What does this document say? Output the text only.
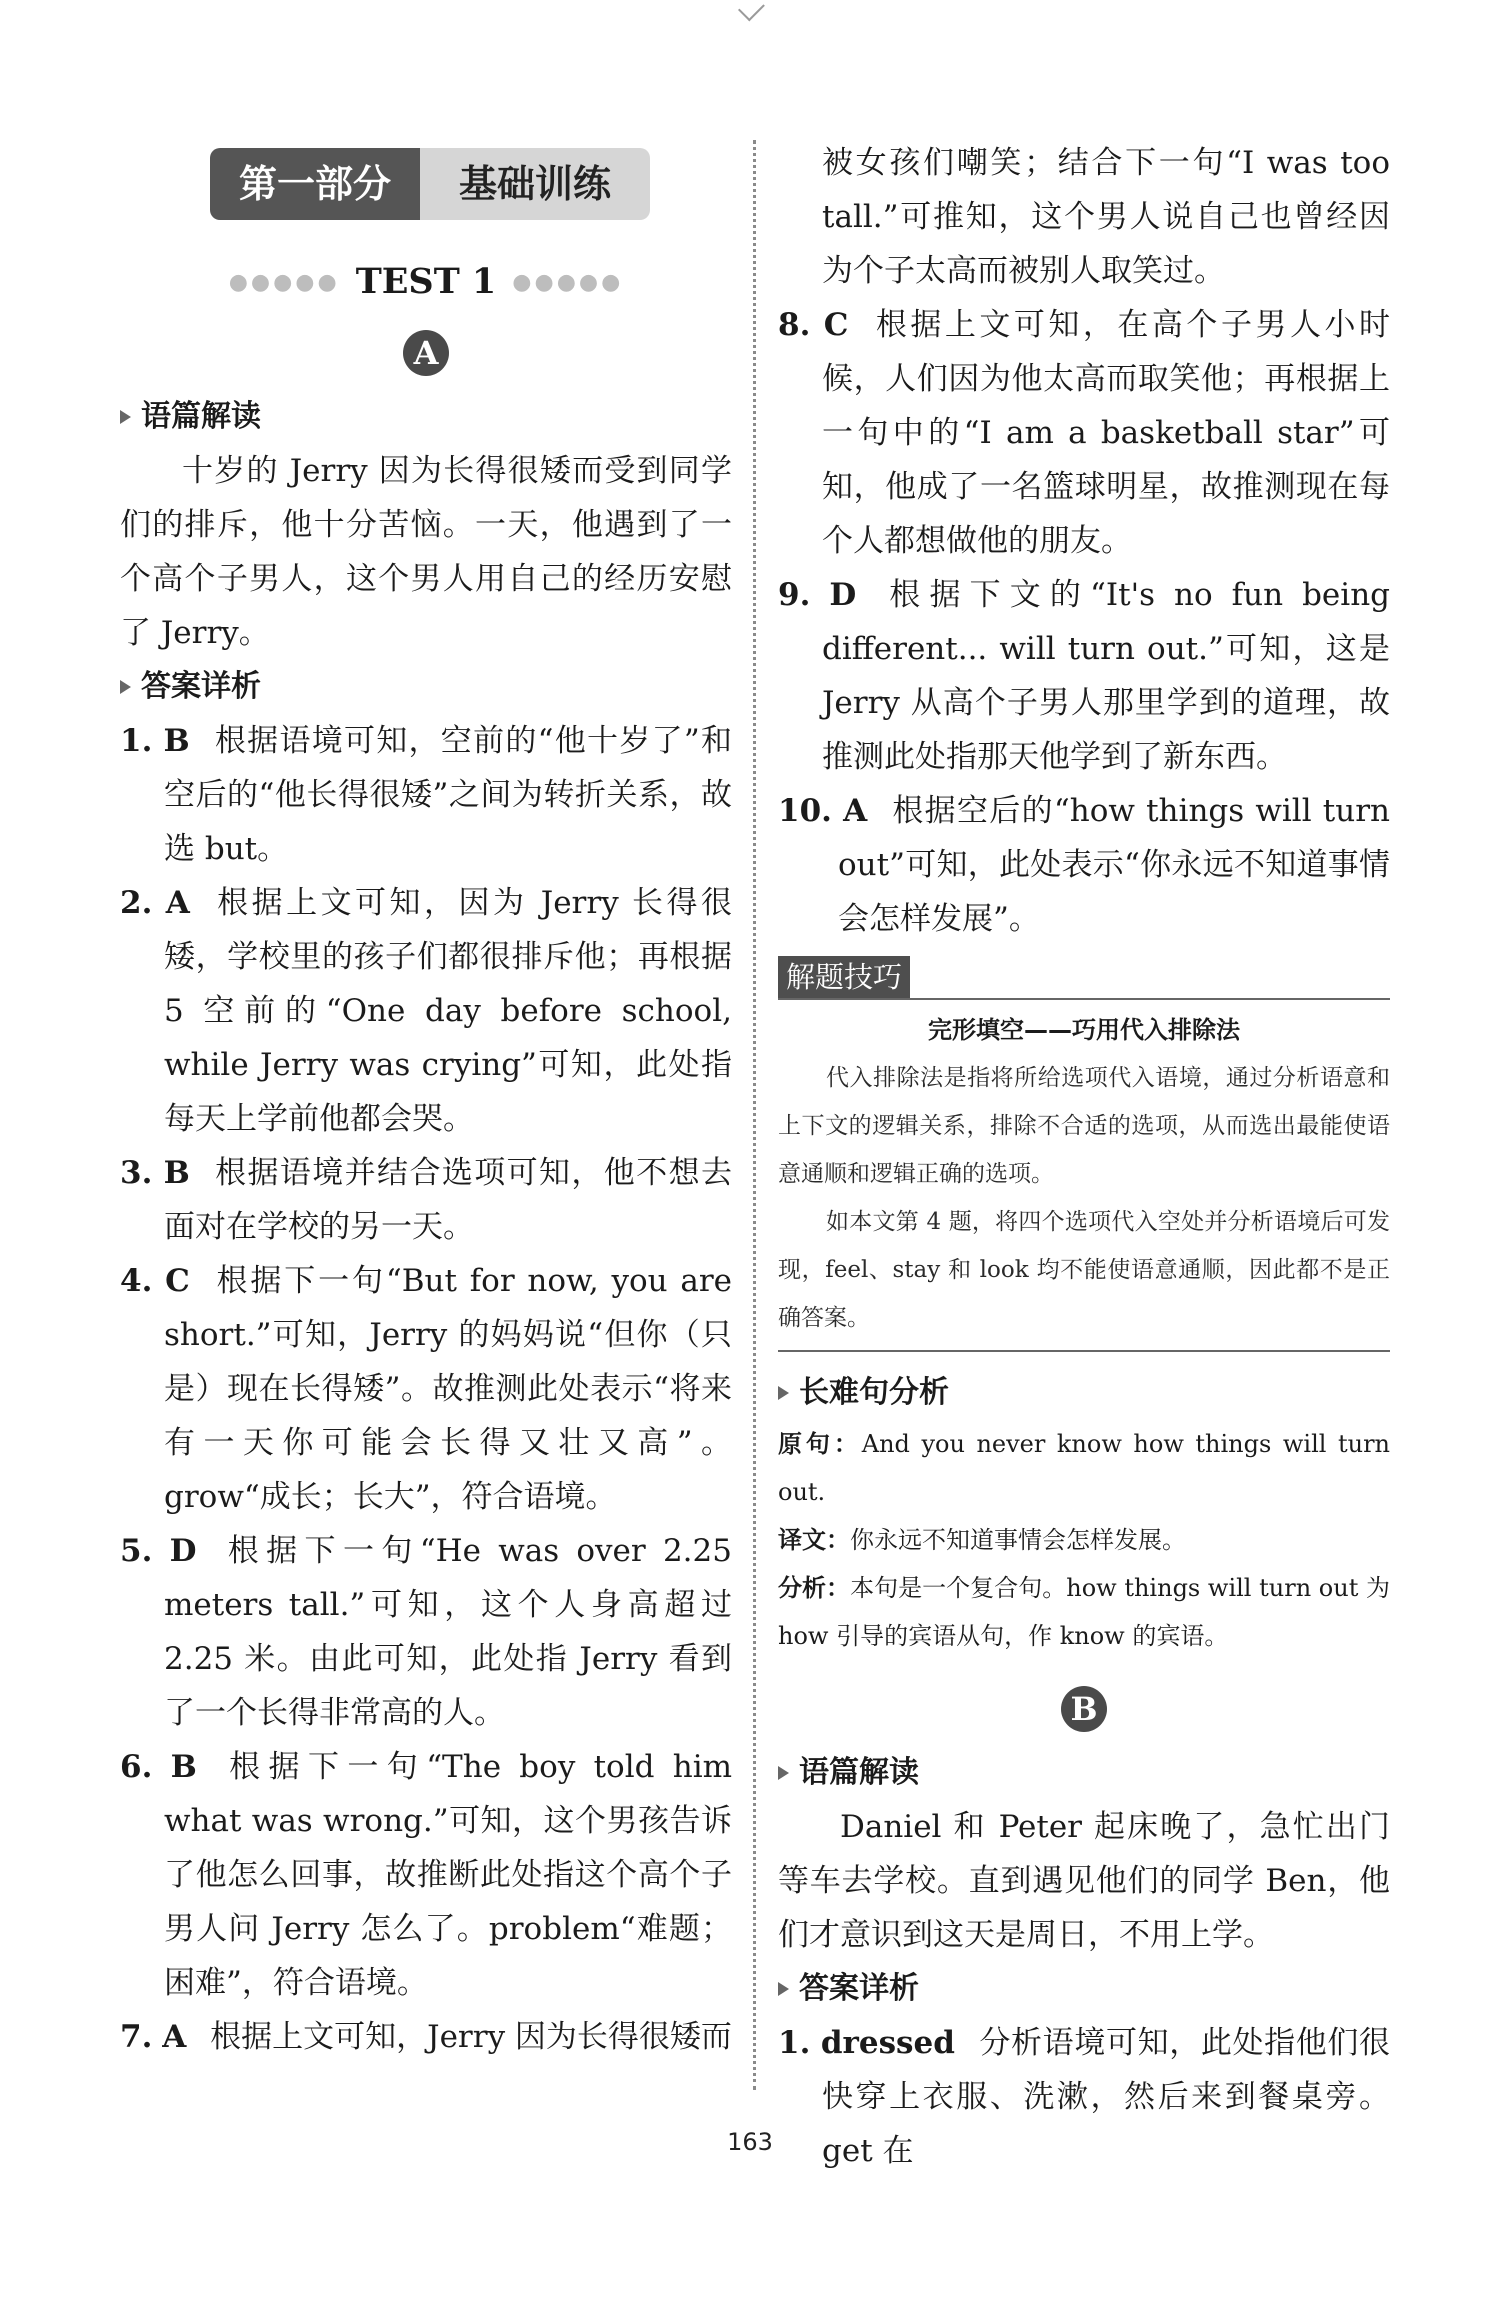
第一部分	基础训练
●●●●● TEST 1 ●●●●●
A
语篇解读
十岁的 Jerry 因为长得很矮而受到同学们的排斥，他十分苦恼。一天，他遇到了一个高个子男人，这个男人用自己的经历安慰了 Jerry。
答案详析
1. B 根据语境可知，空前的“他十岁了”和空后的“他长得很矮”之间为转折关系，故选 but。
2. A 根据上文可知，因为 Jerry 长得很矮，学校里的孩子们都很排斥他；再根据 5 空前的“One day before school, while Jerry was crying”可知，此处指每天上学前他都会哭。
3. B 根据语境并结合选项可知，他不想去面对在学校的另一天。
4. C 根据下一句“But for now, you are short.”可知，Jerry 的妈妈说“但你（只是）现在长得矮”。故推测此处表示“将来有一天你可能会长得又壮又高”。grow“成长；长大”，符合语境。
5. D 根据下一句“He was over 2.25 meters tall.”可知，这个人身高超过 2.25 米。由此可知，此处指 Jerry 看到了一个长得非常高的人。
6. B 根据下一句“The boy told him what was wrong.”可知，这个男孩告诉了他怎么回事，故推断此处指这个高个子男人问 Jerry 怎么了。problem“难题；困难”，符合语境。
7. A 根据上文可知，Jerry 因为长得很矮而
被女孩们嘲笑；结合下一句“I was too tall.”可推知，这个男人说自己也曾经因为个子太高而被别人取笑过。
8. C 根据上文可知，在高个子男人小时候，人们因为他太高而取笑他；再根据上一句中的“I am a basketball star”可知，他成了一名篮球明星，故推测现在每个人都想做他的朋友。
9. D 根据下文的“It's no fun being different... will turn out.”可知，这是 Jerry 从高个子男人那里学到的道理，故推测此处指那天他学到了新东西。
10. A 根据空后的“how things will turn out”可知，此处表示“你永远不知道事情会怎样发展”。
解题技巧
完形填空——巧用代入排除法
代入排除法是指将所给选项代入语境，通过分析语意和上下文的逻辑关系，排除不合适的选项，从而选出最能使语意通顺和逻辑正确的选项。
如本文第 4 题，将四个选项代入空处并分析语境后可发现，feel、stay 和 look 均不能使语意通顺，因此都不是正确答案。
长难句分析
原句：And you never know how things will turn out.
译文：你永远不知道事情会怎样发展。
分析：本句是一个复合句。how things will turn out 为 how 引导的宾语从句，作 know 的宾语。
B
语篇解读
Daniel 和 Peter 起床晚了，急忙出门等车去学校。直到遇见他们的同学 Ben，他们才意识到这天是周日，不用上学。
答案详析
1. dressed 分析语境可知，此处指他们很快穿上衣服、洗漱，然后来到餐桌旁。get 在
163
